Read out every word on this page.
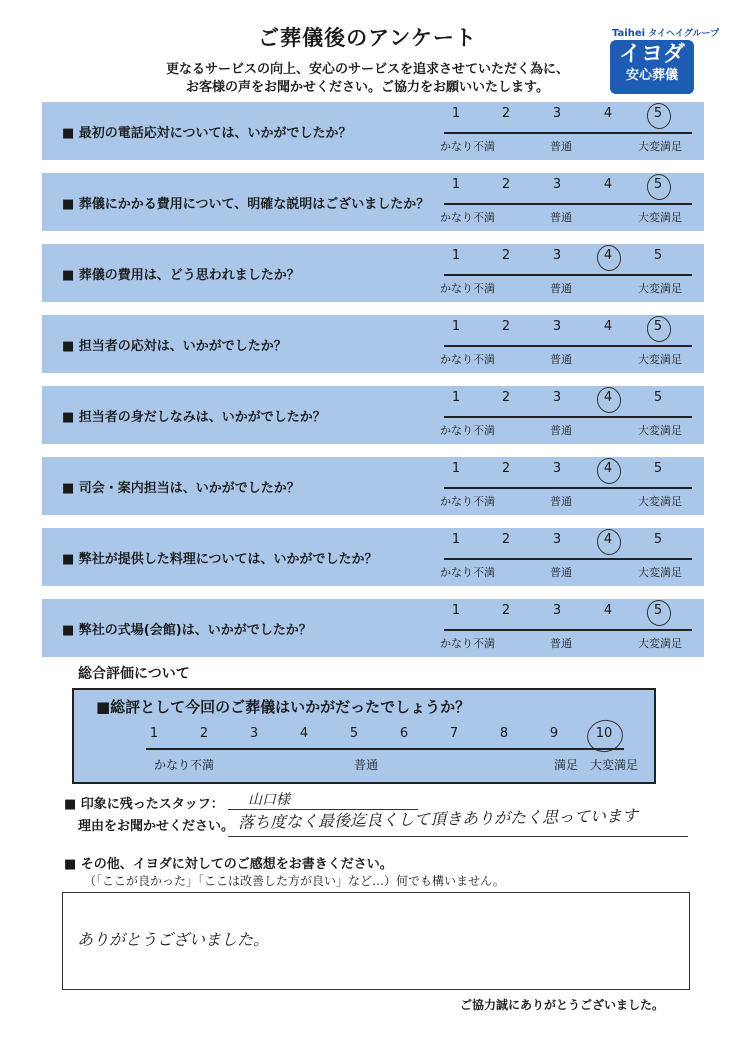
ご葬儀後のアンケート
更なるサービスの向上、安心のサービスを追求させていただく為に、
お客様の声をお聞かせください。ご協力をお願いいたします。
Taihei タイヘイグループ
イヨダ
安心葬儀
■ 最初の電話応対については、いかがでしたか？
1	2	3	4	5
かなり不満	普通	大変満足
■ 葬儀にかかる費用について、明確な説明はございましたか？
1	2	3	4	5
かなり不満	普通	大変満足
■ 葬儀の費用は、どう思われましたか？
1	2	3	4	5
かなり不満	普通	大変満足
■ 担当者の応対は、いかがでしたか？
1	2	3	4	5
かなり不満	普通	大変満足
■ 担当者の身だしなみは、いかがでしたか？
1	2	3	4	5
かなり不満	普通	大変満足
■ 司会・案内担当は、いかがでしたか？
1	2	3	4	5
かなり不満	普通	大変満足
■ 弊社が提供した料理については、いかがでしたか？
1	2	3	4	5
かなり不満	普通	大変満足
■ 弊社の式場(会館)は、いかがでしたか？
1	2	3	4	5
かなり不満	普通	大変満足
総合評価について
■総評として今回のご葬儀はいかがだったでしょうか？
1	2	3	4	5	6	7	8	9	10
かなり不満	普通	満足 大変満足
■ 印象に残ったスタッフ： 山口様
理由をお聞かせください。 落ち度なく最後迄良くして頂きありがたく思っています
■ その他、イヨダに対してのご感想をお書きください。
（「ここが良かった」「ここは改善した方が良い」など…）何でも構いません。
ありがとうございました。
ご協力誠にありがとうございました。
